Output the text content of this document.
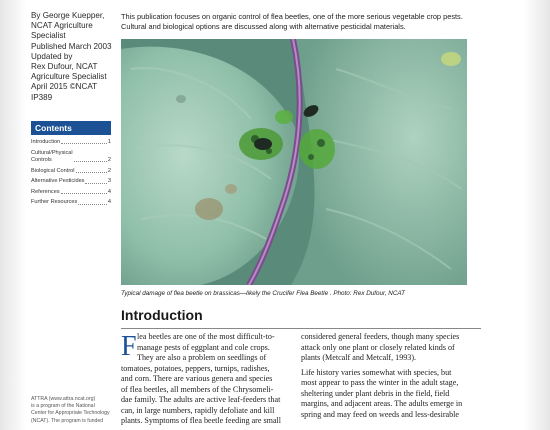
By George Kuepper,
NCAT Agriculture
Specialist
Published March 2003
Updated by
Rex Dufour, NCAT
Agriculture Specialist
April 2015 ©NCAT
IP389
Contents
Introduction	1
Cultural/Physical
Controls	2
Biological Control	2
Alternative Pesticides	3
References	4
Further Resources	4
ATTRA (www.attra.ncat.org)
is a program of the National
Center for Appropriate Technology
(NCAT). The program is funded
This publication focuses on organic control of flea beetles, one of the more serious vegetable crop pests. Cultural and biological options are discussed along with alternative pesticidal materials.
Typical damage of flea beetle on brassicas—likely the Crucifer Flea Beetle . Photo: Rex Dufour, NCAT
Introduction
F lea beetles are one of the most difficult-to-
manage pests of eggplant and cole crops.
They are also a problem on seedlings of
tomatoes, potatoes, peppers, turnips, radishes,
and corn. There are various genera and species
of flea beetles, all members of the Chrysomeli-
dae family. The adults are active leaf-feeders that
can, in large numbers, rapidly defoliate and kill
plants. Symptoms of flea beetle feeding are small
considered general feeders, though many species
attack only one plant or closely related kinds of
plants (Metcalf and Metcalf, 1993).
Life history varies somewhat with species, but
most appear to pass the winter in the adult stage,
sheltering under plant debris in the field, field
margins, and adjacent areas. The adults emerge in
spring and may feed on weeds and less-desirable
